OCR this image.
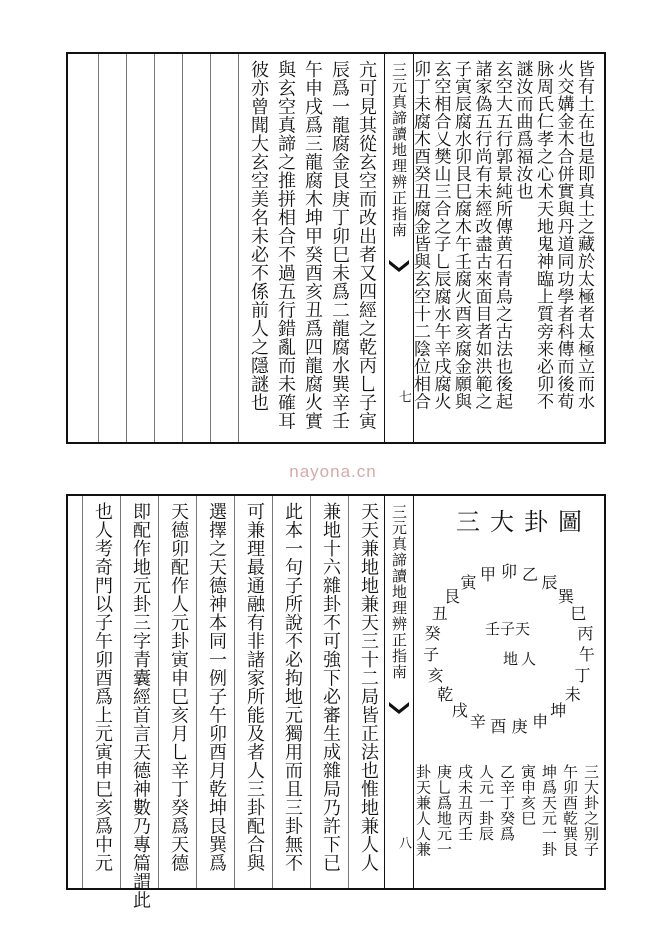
皆有土在也是即真土之藏於太極者太極立而水
火交媾金木合併實與丹道同功學者科傳而後荀
脉周氏仁孝之心术天地鬼神臨上質旁来必卯不
謎汝而曲爲福汝也
玄空大五行郭景純所傳黄石青烏之古法也後起
諸家偽五行尚有未經改盡古來面目者如洪範之
子寅辰腐水卯艮巳腐木午壬腐火酉亥腐金願與
玄空相合乂樊山三合之子乚辰腐水午辛戌腐火
卯丁未腐木酉癸丑腐金皆與玄空十二陰位相合
亢可見其從玄空而改出者又四經之乾丙乚子寅
辰爲一龍腐金艮庚丁卯巳未爲二龍腐水巽辛壬
午申戌爲三龍腐木坤甲癸酉亥丑爲四龍腐火實
與玄空真諦之推拼相合不過五行錯亂而未確耳
彼亦曾聞大玄空美名未必不係前人之隱謎也	三元真諦讀地理辨正指南
七
nayona.cn
天天兼地地兼天三十二局皆正法也惟地兼人人
兼地十六雜卦不可強下必審生成雜局乃許下已
此本一句子所說不必拘地元獨用而且三卦無不
可兼理最通融有非諸家所能及者人三卦配合與
選擇之天德神本同一例子午卯酉月乾坤艮巽爲
天德卯配作人元卦寅申巳亥月乚辛丁癸爲天德
即配作地元卦三字青囊經首言天德神數乃專篇謂此
也人考奇門以子午卯酉爲上元寅申巳亥爲中元	三元真諦讀地理辨正指南
八
三大卦圖
卯 乙 辰
巽
巳
丙
午
丁
未
坤
申
庚
酉
辛
戌
乾
亥
子
癸
丑
艮
寅 甲
壬子天
地 人
三大卦之别子
午卯酉乾巽艮
坤爲天元一卦
寅申亥巳
乙辛丁癸爲
人元一卦辰
戌未丑丙壬
庚乚爲地元一
卦天兼人人兼
